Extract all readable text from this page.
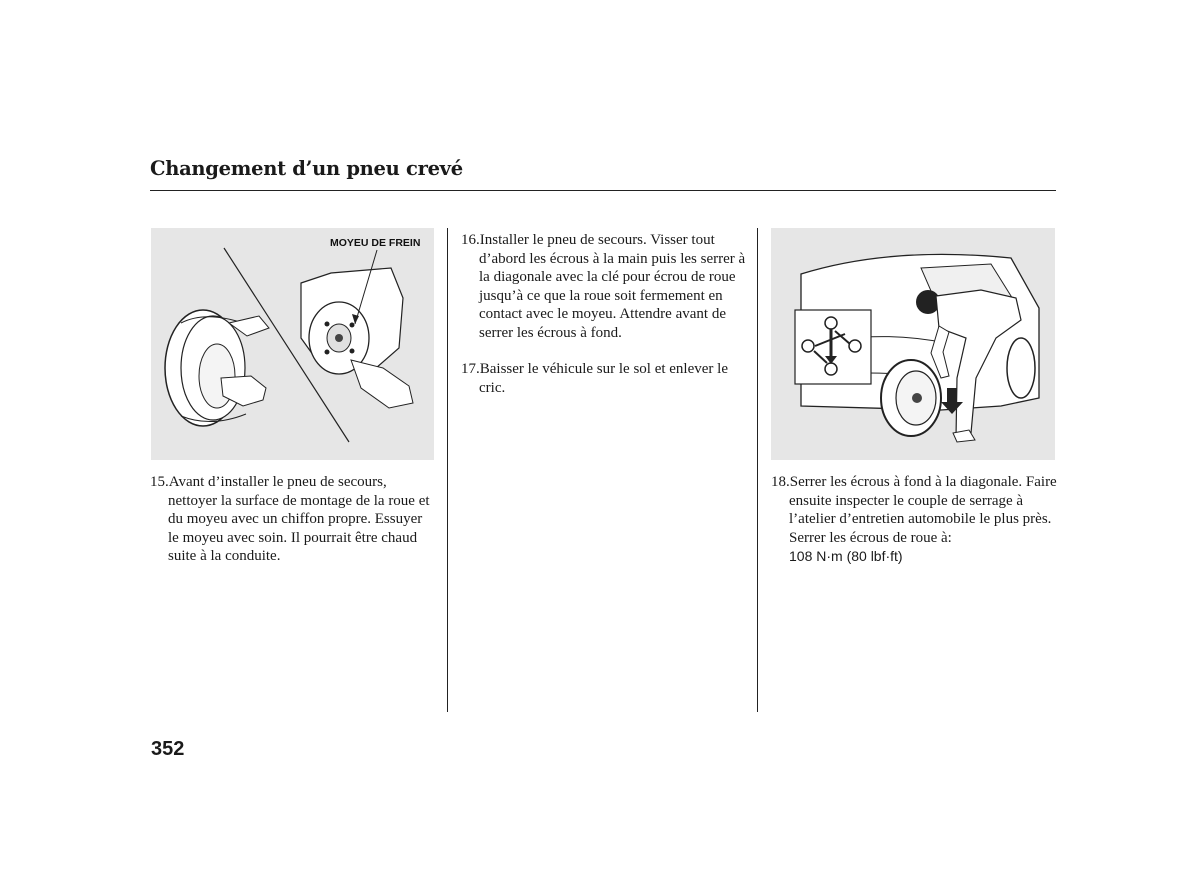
Changement d’un pneu crevé
MOYEU DE FREIN

15.Avant d’installer le pneu de secours, nettoyer la surface de montage de la roue et du moyeu avec un chiffon propre. Essuyer le moyeu avec soin. Il pourrait être chaud suite à la conduite.

16.Installer le pneu de secours. Visser tout d’abord les écrous à la main puis les serrer à la diagonale avec la clé pour écrou de roue jusqu’à ce que la roue soit fermement en contact avec le moyeu. Attendre avant de serrer les écrous à fond.

17.Baisser le véhicule sur le sol et enlever le cric.

18.Serrer les écrous à fond à la diagonale. Faire ensuite inspecter le couple de serrage à l’atelier d’entretien automobile le plus près.

Serrer les écrous de roue à:

108 N·m (80 lbf·ft)

352
